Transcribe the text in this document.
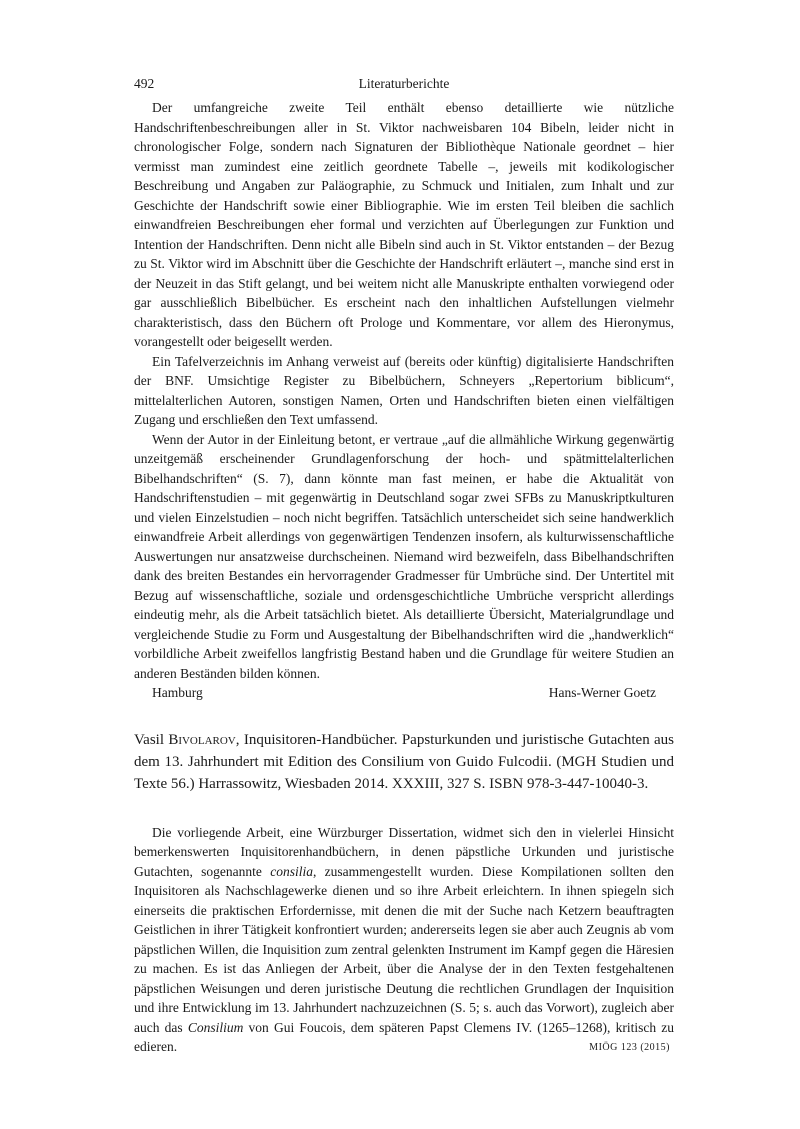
492	Literaturberichte

Der umfangreiche zweite Teil enthält ebenso detaillierte wie nützliche Handschriftenbeschreibungen aller in St. Viktor nachweisbaren 104 Bibeln, leider nicht in chronologischer Folge, sondern nach Signaturen der Bibliothèque Nationale geordnet – hier vermisst man zumindest eine zeitlich geordnete Tabelle –, jeweils mit kodikologischer Beschreibung und Angaben zur Paläographie, zu Schmuck und Initialen, zum Inhalt und zur Geschichte der Handschrift sowie einer Bibliographie. Wie im ersten Teil bleiben die sachlich einwandfreien Beschreibungen eher formal und verzichten auf Überlegungen zur Funktion und Intention der Handschriften. Denn nicht alle Bibeln sind auch in St. Viktor entstanden – der Bezug zu St. Viktor wird im Abschnitt über die Geschichte der Handschrift erläutert –, manche sind erst in der Neuzeit in das Stift gelangt, und bei weitem nicht alle Manuskripte enthalten vorwiegend oder gar ausschließlich Bibelbücher. Es erscheint nach den inhaltlichen Aufstellungen vielmehr charakteristisch, dass den Büchern oft Prologe und Kommentare, vor allem des Hieronymus, vorangestellt oder beigesellt werden.

Ein Tafelverzeichnis im Anhang verweist auf (bereits oder künftig) digitalisierte Handschriften der BNF. Umsichtige Register zu Bibelbüchern, Schneyers „Repertorium biblicum“, mittelalterlichen Autoren, sonstigen Namen, Orten und Handschriften bieten einen vielfältigen Zugang und erschließen den Text umfassend.

Wenn der Autor in der Einleitung betont, er vertraue „auf die allmähliche Wirkung gegenwärtig unzeitgemäß erscheinender Grundlagenforschung der hoch- und spätmittelalterlichen Bibelhandschriften“ (S. 7), dann könnte man fast meinen, er habe die Aktualität von Handschriftenstudien – mit gegenwärtig in Deutschland sogar zwei SFBs zu Manuskriptkulturen und vielen Einzelstudien – noch nicht begriffen. Tatsächlich unterscheidet sich seine handwerklich einwandfreie Arbeit allerdings von gegenwärtigen Tendenzen insofern, als kulturwissenschaftliche Auswertungen nur ansatzweise durchscheinen. Niemand wird bezweifeln, dass Bibelhandschriften dank des breiten Bestandes ein hervorragender Gradmesser für Umbrüche sind. Der Untertitel mit Bezug auf wissenschaftliche, soziale und ordensgeschichtliche Umbrüche verspricht allerdings eindeutig mehr, als die Arbeit tatsächlich bietet. Als detaillierte Übersicht, Materialgrundlage und vergleichende Studie zu Form und Ausgestaltung der Bibelhandschriften wird die „handwerklich“ vorbildliche Arbeit zweifellos langfristig Bestand haben und die Grundlage für weitere Studien an anderen Beständen bilden können.

Hamburg	Hans-Werner Goetz

Vasil Bivolarov, Inquisitoren-Handbücher. Papsturkunden und juristische Gutachten aus dem 13. Jahrhundert mit Edition des Consilium von Guido Fulcodii. (MGH Studien und Texte 56.) Harrassowitz, Wiesbaden 2014. XXXIII, 327 S. ISBN 978-3-447-10040-3.

Die vorliegende Arbeit, eine Würzburger Dissertation, widmet sich den in vielerlei Hinsicht bemerkenswerten Inquisitorenhandbüchern, in denen päpstliche Urkunden und juristische Gutachten, sogenannte consilia, zusammengestellt wurden. Diese Kompilationen sollten den Inquisitoren als Nachschlagewerke dienen und so ihre Arbeit erleichtern. In ihnen spiegeln sich einerseits die praktischen Erfordernisse, mit denen die mit der Suche nach Ketzern beauftragten Geistlichen in ihrer Tätigkeit konfrontiert wurden; andererseits legen sie aber auch Zeugnis ab vom päpstlichen Willen, die Inquisition zum zentral gelenkten Instrument im Kampf gegen die Häresien zu machen. Es ist das Anliegen der Arbeit, über die Analyse der in den Texten festgehaltenen päpstlichen Weisungen und deren juristische Deutung die rechtlichen Grundlagen der Inquisition und ihre Entwicklung im 13. Jahrhundert nachzuzeichnen (S. 5; s. auch das Vorwort), zugleich aber auch das Consilium von Gui Foucois, dem späteren Papst Clemens IV. (1265–1268), kritisch zu edieren.	MIÖG 123 (2015)
